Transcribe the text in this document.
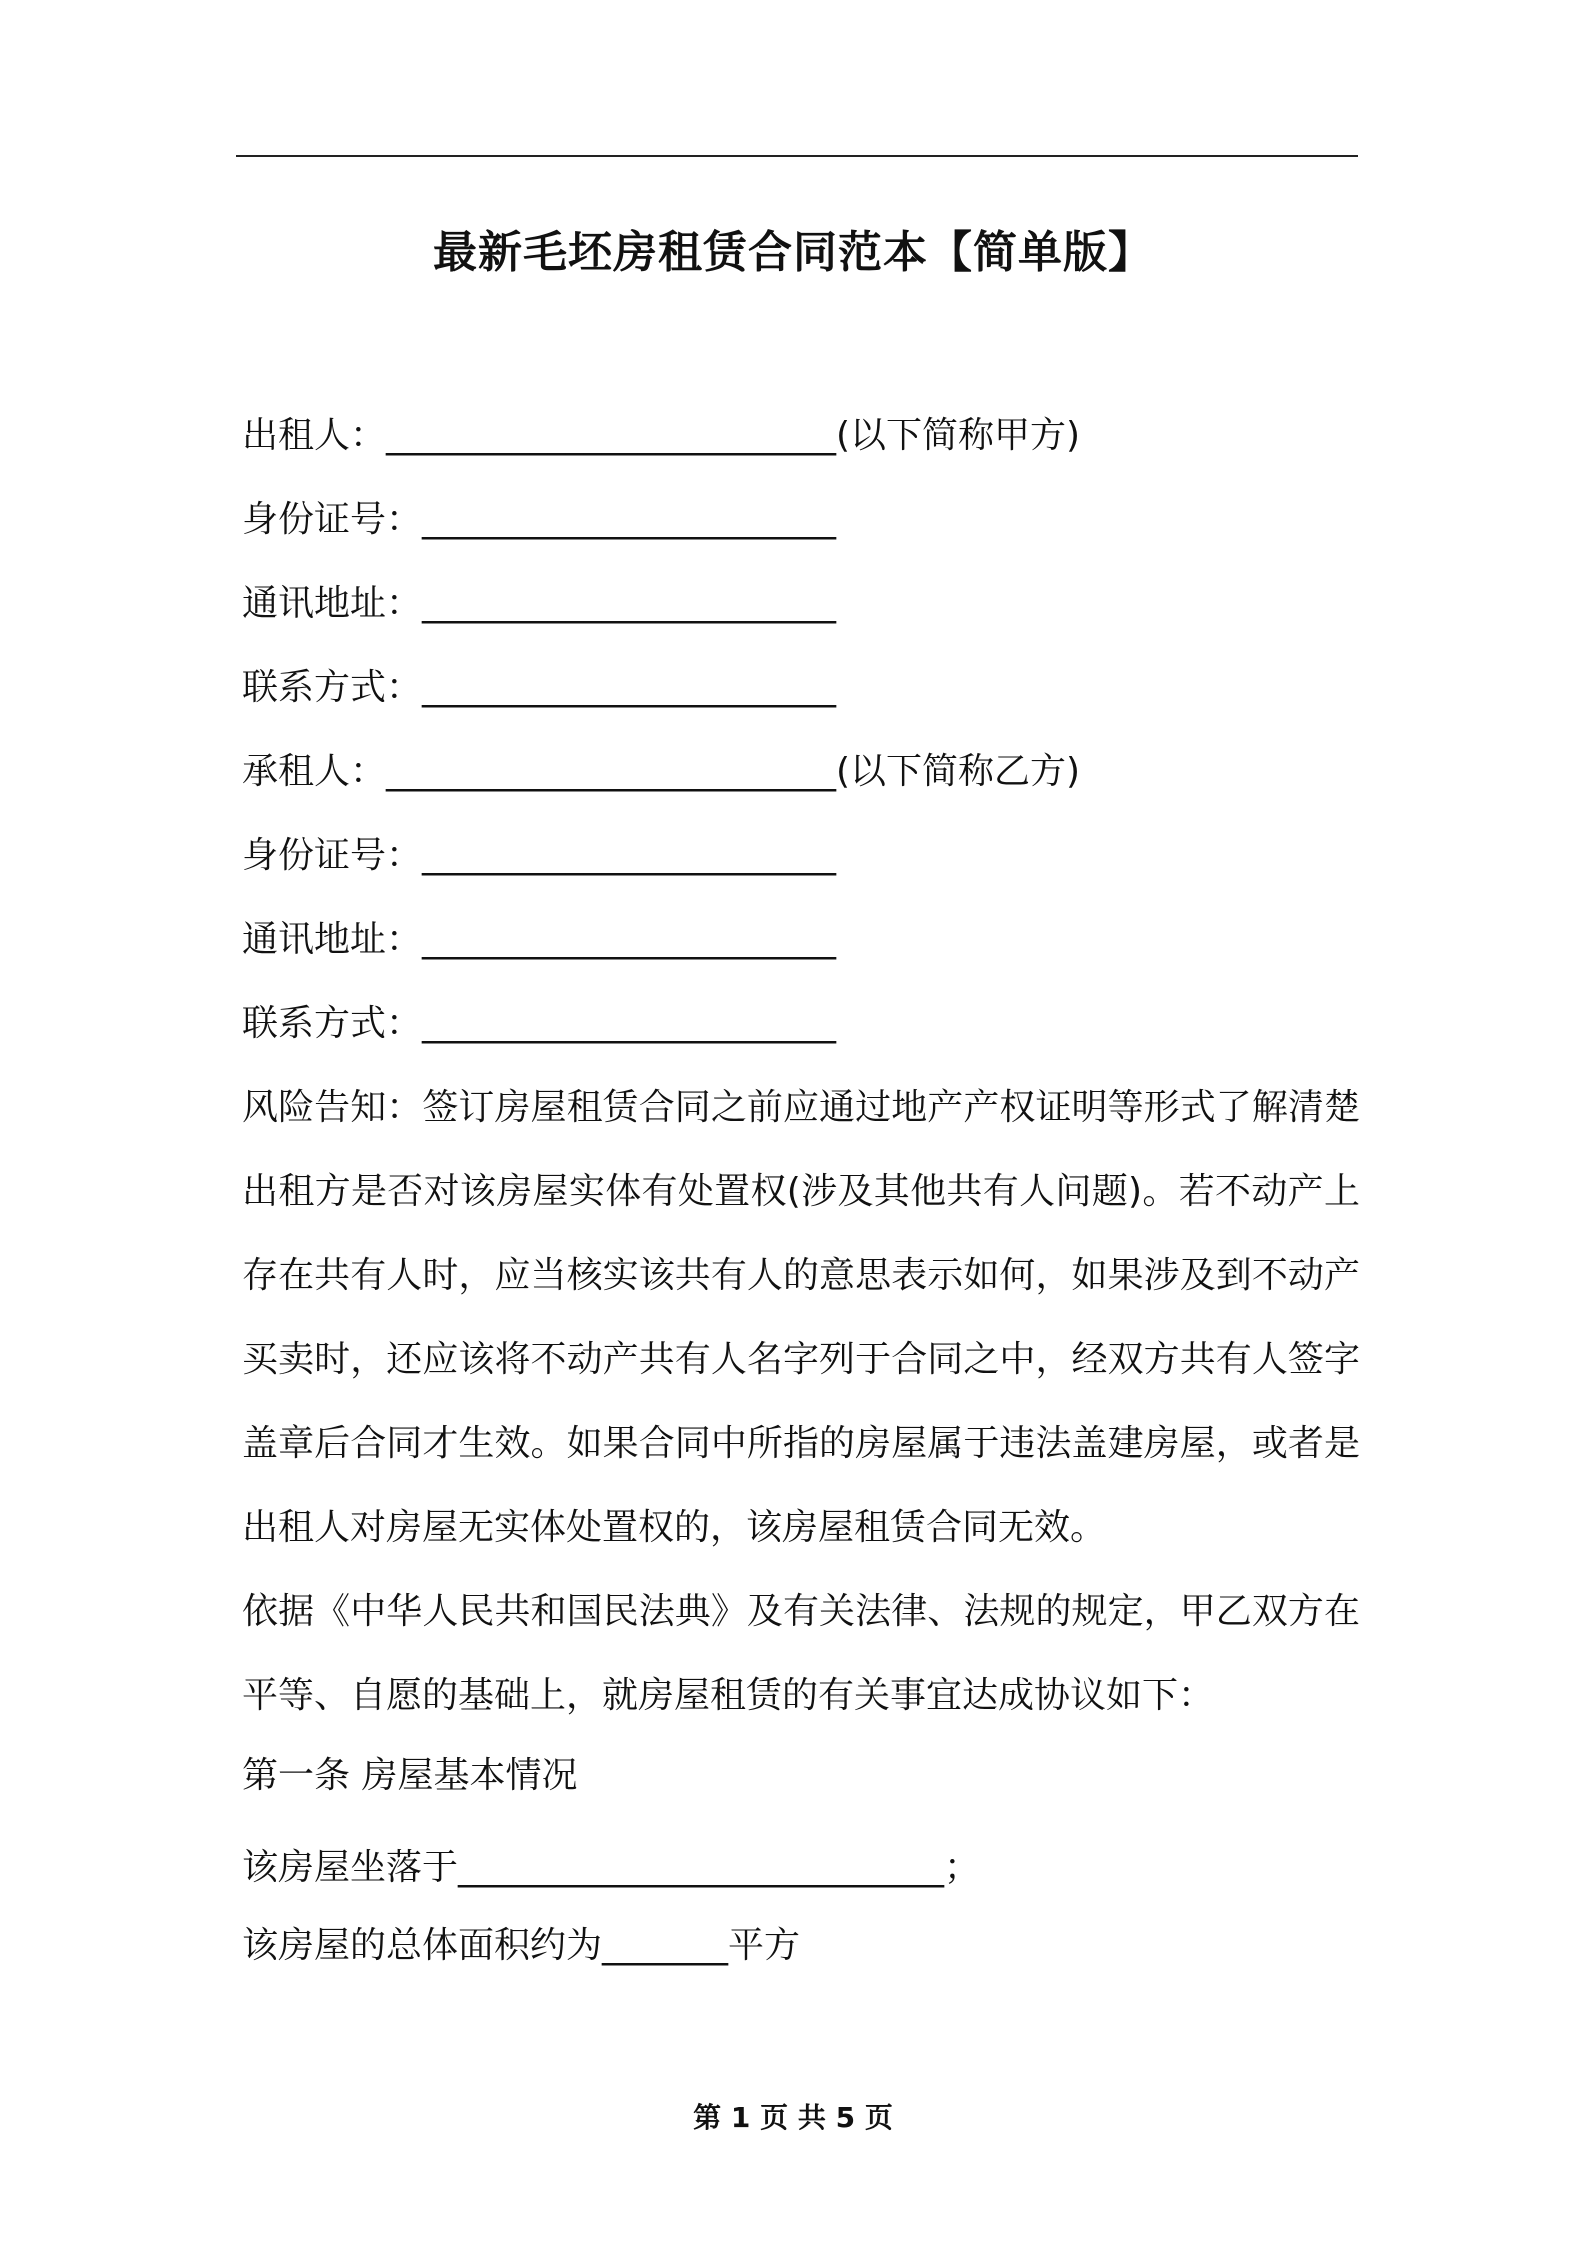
最新毛坯房租赁合同范本【简单版】
出租人：_________________________(以下简称甲方)
身份证号：_______________________
通讯地址：_______________________
联系方式：_______________________
承租人：_________________________(以下简称乙方)
身份证号：_______________________
通讯地址：_______________________
联系方式：_______________________
风险告知：签订房屋租赁合同之前应通过地产产权证明等形式了解清楚出租方是否对该房屋实体有处置权(涉及其他共有人问题)。若不动产上存在共有人时，应当核实该共有人的意思表示如何，如果涉及到不动产买卖时，还应该将不动产共有人名字列于合同之中，经双方共有人签字盖章后合同才生效。如果合同中所指的房屋属于违法盖建房屋，或者是出租人对房屋无实体处置权的，该房屋租赁合同无效。
依据《中华人民共和国民法典》及有关法律、法规的规定，甲乙双方在平等、自愿的基础上，就房屋租赁的有关事宜达成协议如下：
第一条 房屋基本情况
该房屋坐落于___________________________；
该房屋的总体面积约为_______平方
第 1 页 共 5 页
